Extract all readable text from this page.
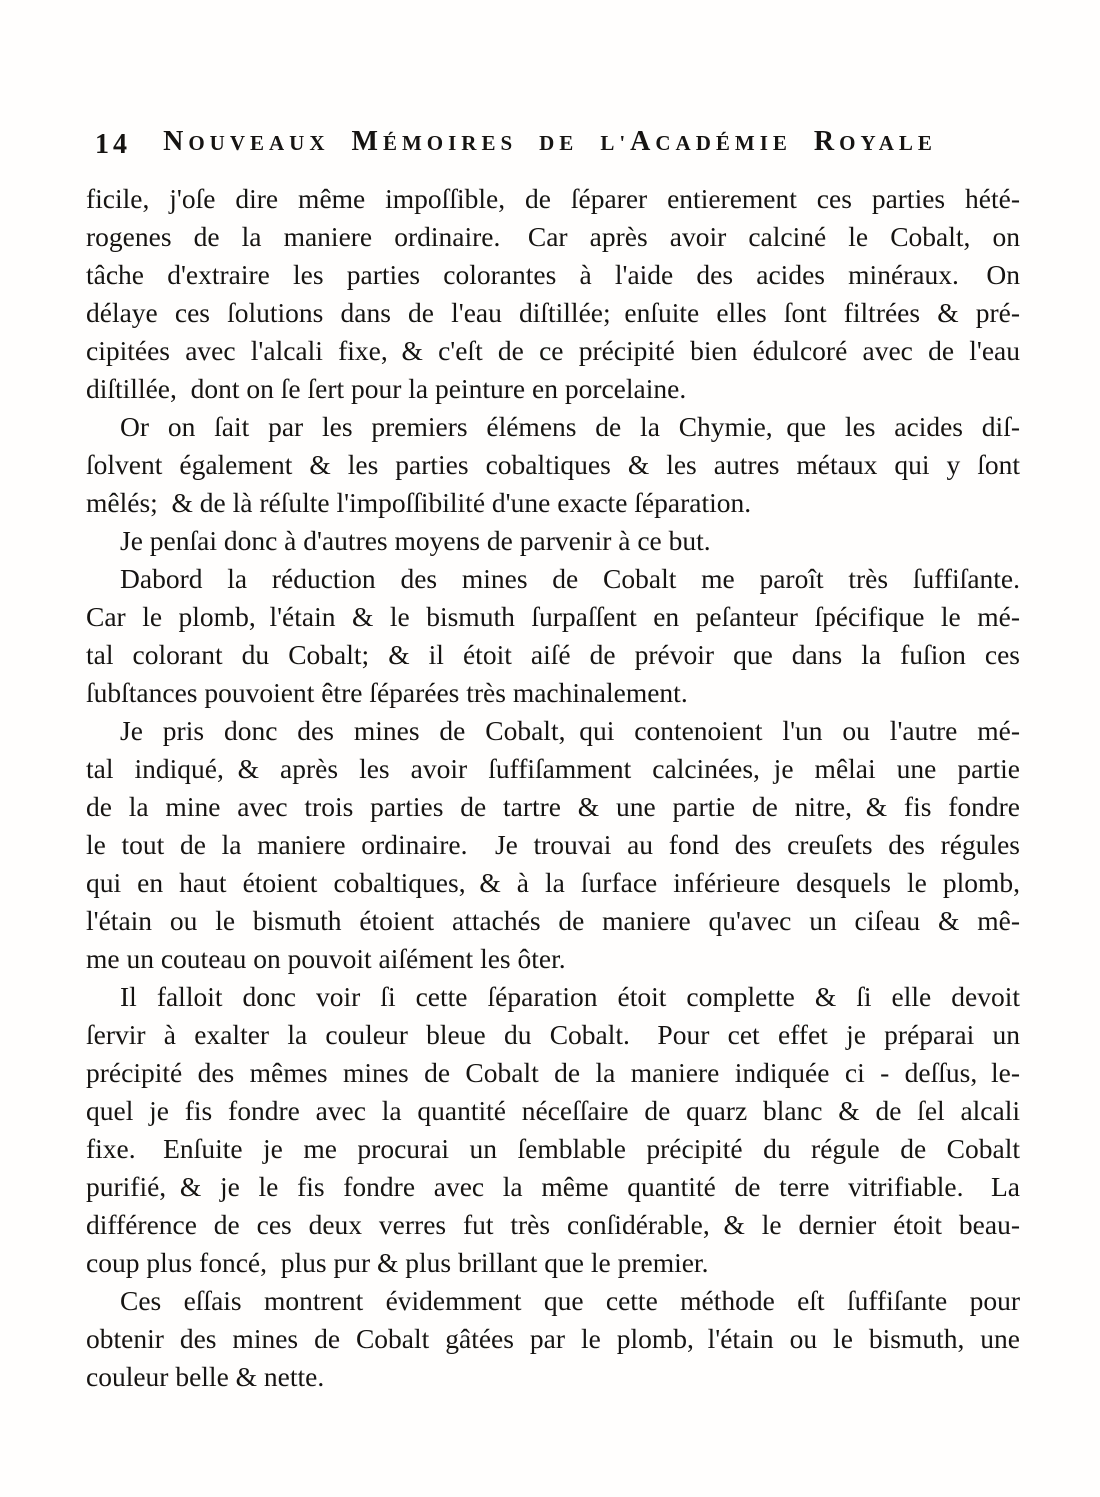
14	NOUVEAUX MÉMOIRES DE L'ACADÉMIE ROYALE
ficile, j'oſe dire même impoſſible, de ſéparer entierement ces parties hété-
rogenes de la maniere ordinaire. Car après avoir calciné le Cobalt, on
tâche d'extraire les parties colorantes à l'aide des acides minéraux. On
délaye ces ſolutions dans de l'eau diſtillée; enſuite elles ſont filtrées & pré-
cipitées avec l'alcali fixe, & c'eſt de ce précipité bien édulcoré avec de l'eau
diſtillée, dont on ſe ſert pour la peinture en porcelaine.
Or on ſait par les premiers élémens de la Chymie, que les acides diſ-
ſolvent également & les parties cobaltiques & les autres métaux qui y ſont
mêlés; & de là réſulte l'impoſſibilité d'une exacte ſéparation.
Je penſai donc à d'autres moyens de parvenir à ce but.
Dabord la réduction des mines de Cobalt me paroît très ſuffiſante.
Car le plomb, l'étain & le bismuth ſurpaſſent en peſanteur ſpécifique le mé-
tal colorant du Cobalt; & il étoit aiſé de prévoir que dans la fuſion ces
ſubſtances pouvoient être ſéparées très machinalement.
Je pris donc des mines de Cobalt, qui contenoient l'un ou l'autre mé-
tal indiqué, & après les avoir ſuffiſamment calcinées, je mêlai une partie
de la mine avec trois parties de tartre & une partie de nitre, & fis fondre
le tout de la maniere ordinaire. Je trouvai au fond des creuſets des régules
qui en haut étoient cobaltiques, & à la ſurface inférieure desquels le plomb,
l'étain ou le bismuth étoient attachés de maniere qu'avec un ciſeau & mê-
me un couteau on pouvoit aiſément les ôter.
Il falloit donc voir ſi cette ſéparation étoit complette & ſi elle devoit
ſervir à exalter la couleur bleue du Cobalt. Pour cet effet je préparai un
précipité des mêmes mines de Cobalt de la maniere indiquée ci - deſſus, le-
quel je fis fondre avec la quantité néceſſaire de quarz blanc & de ſel alcali
fixe. Enſuite je me procurai un ſemblable précipité du régule de Cobalt
purifié, & je le fis fondre avec la même quantité de terre vitrifiable. La
différence de ces deux verres fut très conſidérable, & le dernier étoit beau-
coup plus foncé, plus pur & plus brillant que le premier.
Ces eſſais montrent évidemment que cette méthode eſt ſuffiſante pour
obtenir des mines de Cobalt gâtées par le plomb, l'étain ou le bismuth, une
couleur belle & nette.
